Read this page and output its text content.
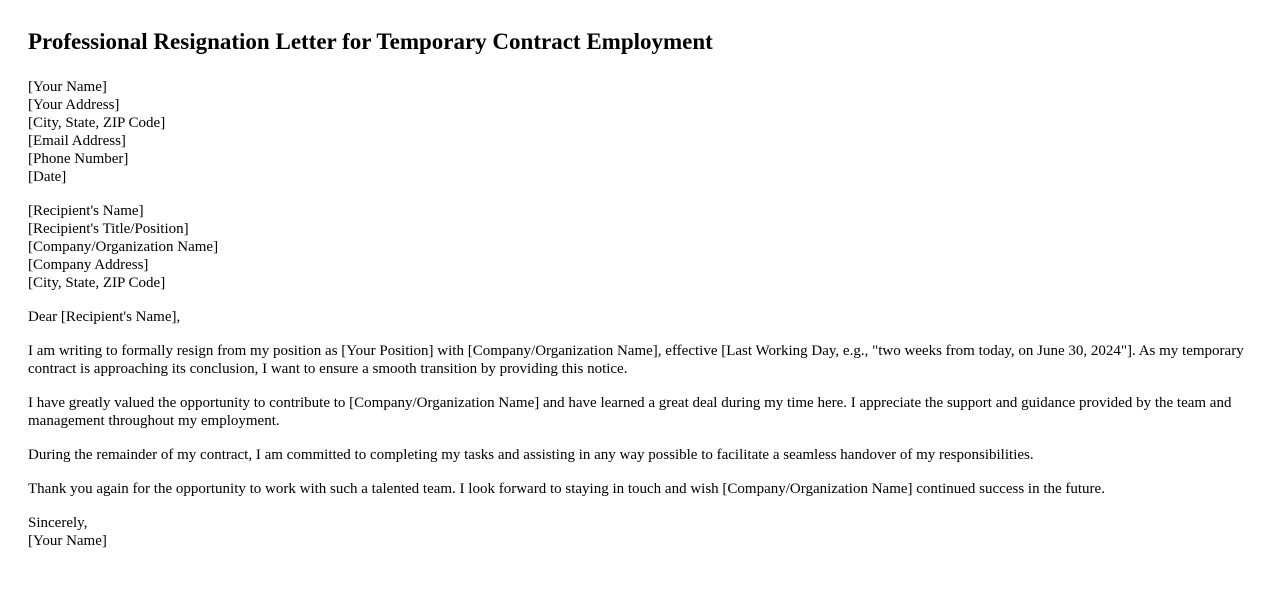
Professional Resignation Letter for Temporary Contract Employment
[Your Name]
[Your Address]
[City, State, ZIP Code]
[Email Address]
[Phone Number]
[Date]
[Recipient's Name]
[Recipient's Title/Position]
[Company/Organization Name]
[Company Address]
[City, State, ZIP Code]

Dear [Recipient's Name],

I am writing to formally resign from my position as [Your Position] with [Company/Organization Name], effective [Last Working Day, e.g., "two weeks from today, on June 30, 2024"]. As my temporary contract is approaching its conclusion, I want to ensure a smooth transition by providing this notice.

I have greatly valued the opportunity to contribute to [Company/Organization Name] and have learned a great deal during my time here. I appreciate the support and guidance provided by the team and management throughout my employment.

During the remainder of my contract, I am committed to completing my tasks and assisting in any way possible to facilitate a seamless handover of my responsibilities.

Thank you again for the opportunity to work with such a talented team. I look forward to staying in touch and wish [Company/Organization Name] continued success in the future.

Sincerely,
[Your Name]
